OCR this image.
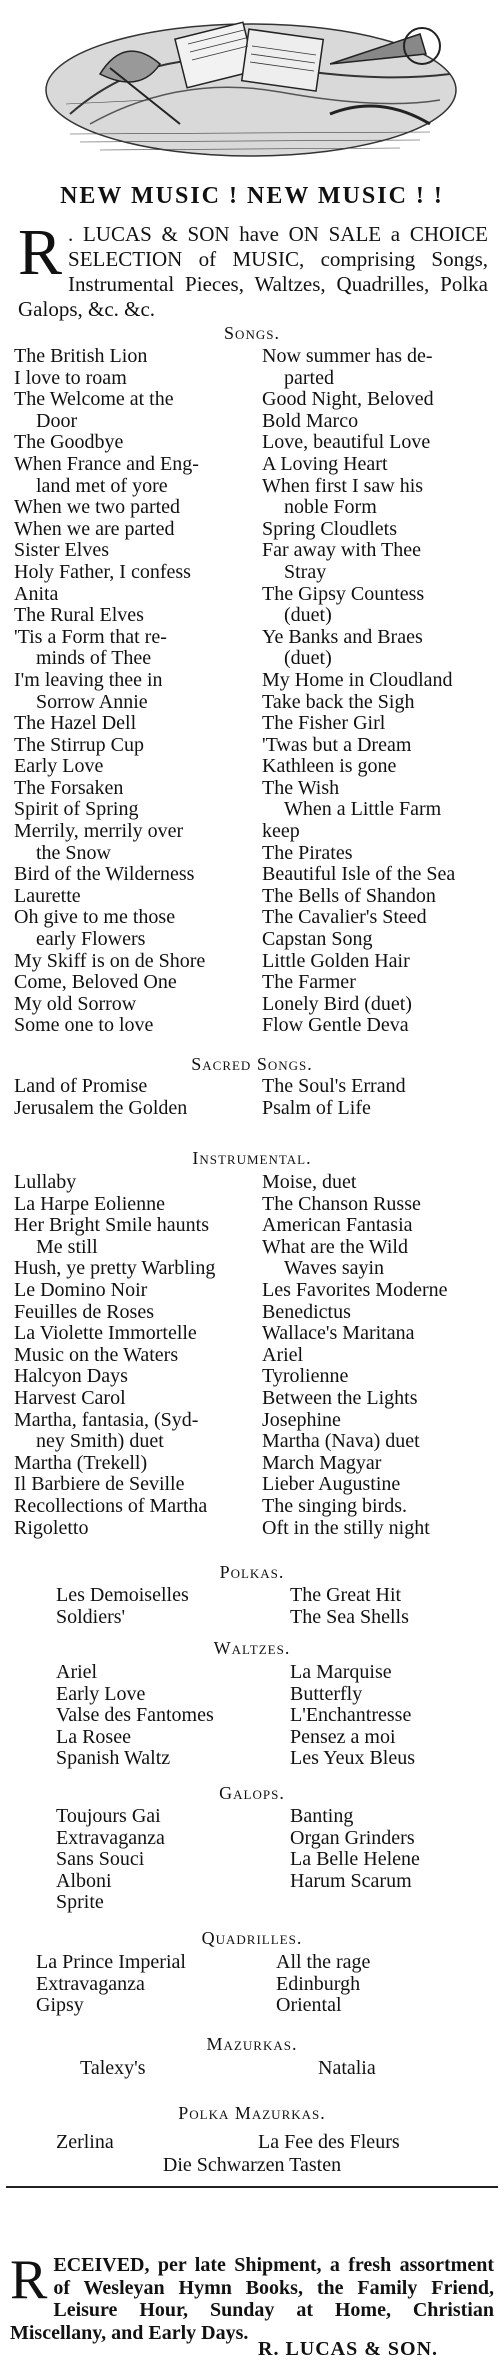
NEW MUSIC ! NEW MUSIC ! !
R . LUCAS & SON have ON SALE a CHOICE SELECTION of MUSIC, comprising Songs, Instrumental Pieces, Waltzes, Quadrilles, Polka Galops, &c. &c.
Songs.
The British Lion
I love to roam
The Welcome at the
Door
The Goodbye
When France and Eng-
land met of yore
When we two parted
When we are parted
Sister Elves
Holy Father, I confess
Anita
The Rural Elves
'Tis a Form that re-
minds of Thee
I'm leaving thee in
Sorrow Annie
The Hazel Dell
The Stirrup Cup
Early Love
The Forsaken
Spirit of Spring
Merrily, merrily over
the Snow
Bird of the Wilderness
Laurette
Oh give to me those
early Flowers
My Skiff is on de Shore
Come, Beloved One
My old Sorrow
Some one to love
Now summer has de-
parted
Good Night, Beloved
Bold Marco
Love, beautiful Love
A Loving Heart
When first I saw his
noble Form
Spring Cloudlets
Far away with Thee
Stray
The Gipsy Countess
(duet)
Ye Banks and Braes
(duet)
My Home in Cloudland
Take back the Sigh
The Fisher Girl
'Twas but a Dream
Kathleen is gone
The Wish
When a Little Farm
keep
The Pirates
Beautiful Isle of the Sea
The Bells of Shandon
The Cavalier's Steed
Capstan Song
Little Golden Hair
The Farmer
Lonely Bird (duet)
Flow Gentle Deva
Sacred Songs.
Land of Promise
Jerusalem the Golden
The Soul's Errand
Psalm of Life
Instrumental.
Lullaby
La Harpe Eolienne
Her Bright Smile haunts
Me still
Hush, ye pretty Warbling
Le Domino Noir
Feuilles de Roses
La Violette Immortelle
Music on the Waters
Halcyon Days
Harvest Carol
Martha, fantasia, (Syd-
ney Smith) duet
Martha (Trekell)
Il Barbiere de Seville
Recollections of Martha
Rigoletto
Moise, duet
The Chanson Russe
American Fantasia
What are the Wild
Waves sayin
Les Favorites Moderne
Benedictus
Wallace's Maritana
Ariel
Tyrolienne
Between the Lights
Josephine
Martha (Nava) duet
March Magyar
Lieber Augustine
The singing birds.
Oft in the stilly night
Polkas.
Les Demoiselles
Soldiers'
The Great Hit
The Sea Shells
Waltzes.
Ariel
Early Love
Valse des Fantomes
La Rosee
Spanish Waltz
La Marquise
Butterfly
L'Enchantresse
Pensez a moi
Les Yeux Bleus
Galops.
Toujours Gai
Extravaganza
Sans Souci
Alboni
Sprite
Banting
Organ Grinders
La Belle Helene
Harum Scarum
Quadrilles.
La Prince Imperial
Extravaganza
Gipsy
All the rage
Edinburgh
Oriental
Mazurkas.
Talexy's	Natalia
Polka Mazurkas.
Zerlina	La Fee des Fleurs
Die Schwarzen Tasten
RECEIVED, per late Shipment, a fresh assortment of Wesleyan Hymn Books, the Family Friend, Leisure Hour, Sunday at Home, Christian Miscellany, and Early Days.
R. LUCAS & SON.
